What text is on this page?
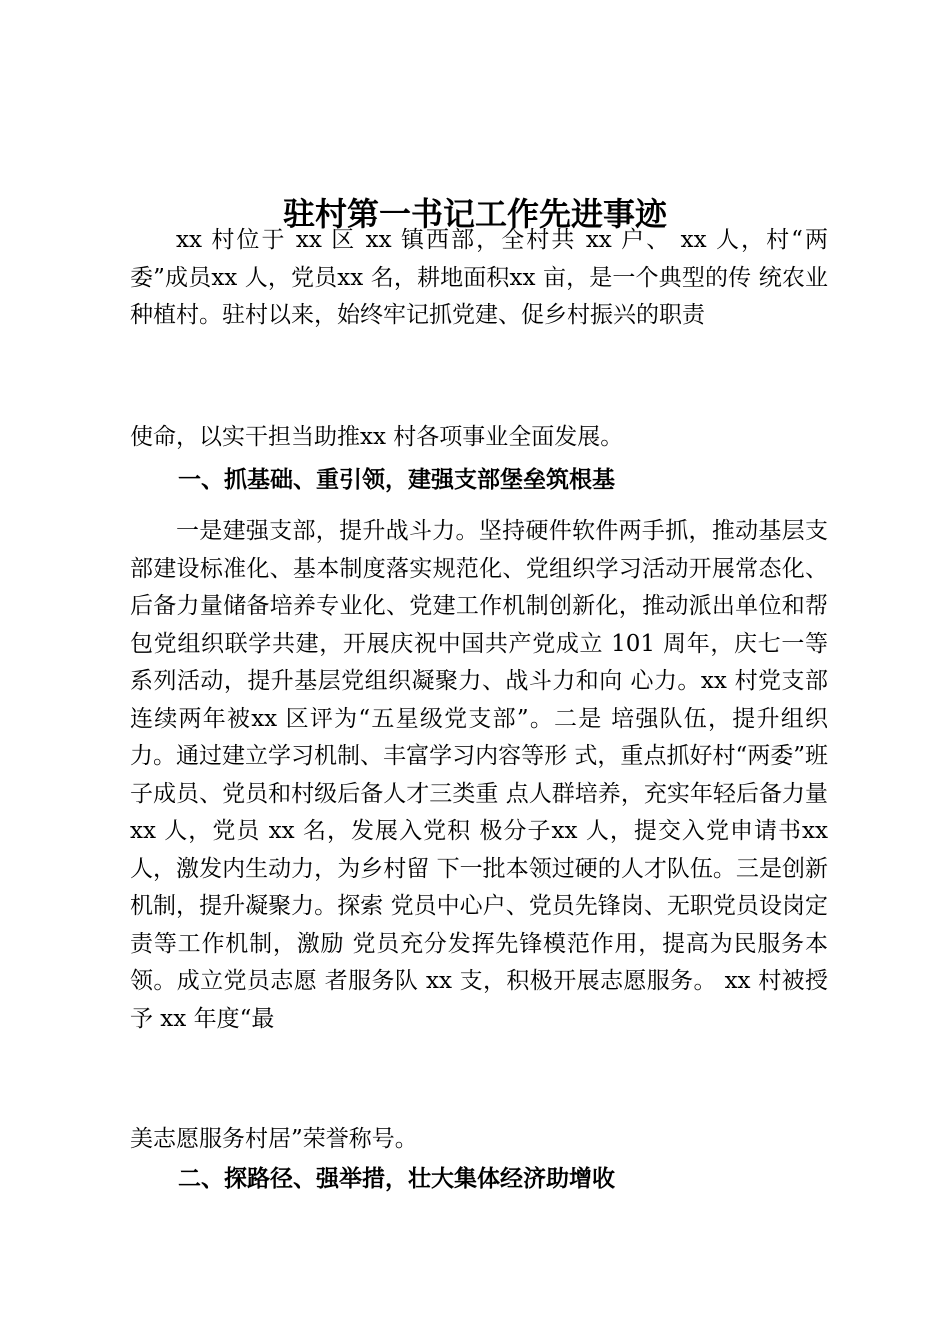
驻村第一书记工作先进事迹

xx 村位于 xx 区 xx 镇西部，全村共 xx 户、 xx 人，村“两 委”成员xx 人，党员xx 名，耕地面积xx 亩，是一个典型的传 统农业种植村。驻村以来，始终牢记抓党建、促乡村振兴的职责

使命，以实干担当助推xx 村各项事业全面发展。

一、抓基础、重引领，建强支部堡垒筑根基

一是建强支部，提升战斗力。坚持硬件软件两手抓，推动基层支部建设标准化、基本制度落实规范化、党组织学习活动开展常态化、后备力量储备培养专业化、党建工作机制创新化，推动派出单位和帮包党组织联学共建，开展庆祝中国共产党成立 101 周年，庆七一等系列活动，提升基层党组织凝聚力、战斗力和向 心力。xx 村党支部连续两年被xx 区评为“五星级党支部”。二是 培强队伍，提升组织力。通过建立学习机制、丰富学习内容等形 式，重点抓好村“两委”班子成员、党员和村级后备人才三类重 点人群培养，充实年轻后备力量xx 人，党员 xx 名，发展入党积 极分子xx 人，提交入党申请书xx 人，激发内生动力，为乡村留 下一批本领过硬的人才队伍。三是创新机制，提升凝聚力。探索 党员中心户、党员先锋岗、无职党员设岗定责等工作机制，激励 党员充分发挥先锋模范作用，提高为民服务本领。成立党员志愿 者服务队 xx 支，积极开展志愿服务。 xx 村被授予 xx 年度“最

美志愿服务村居”荣誉称号。

二、探路径、强举措，壮大集体经济助增收
